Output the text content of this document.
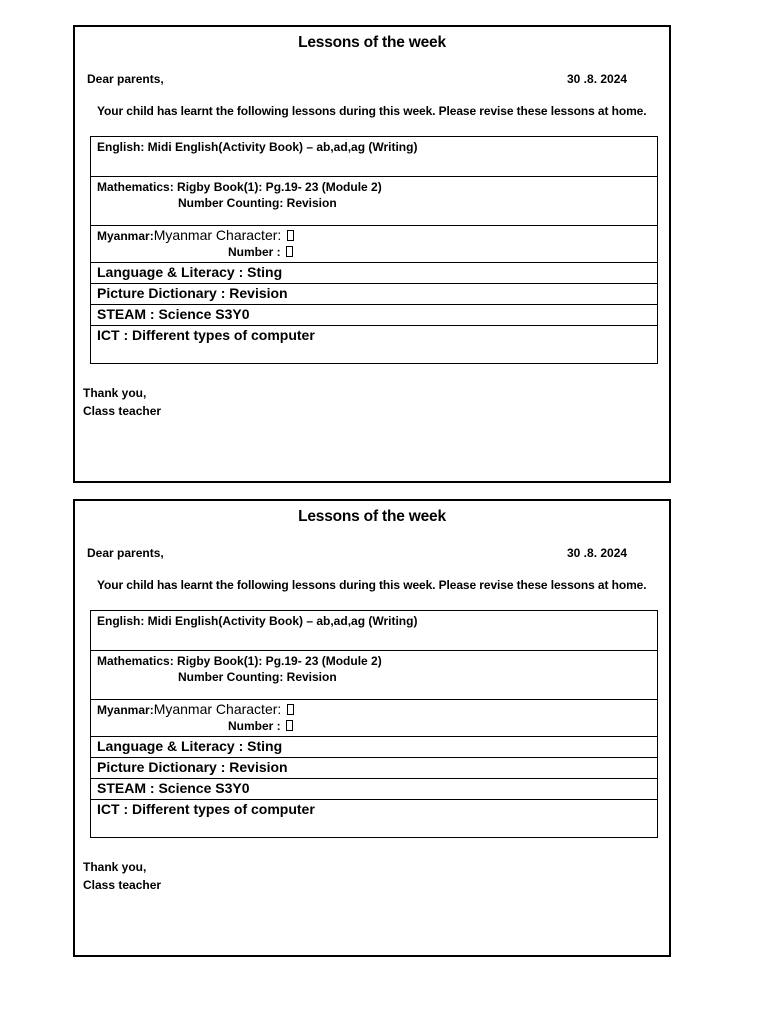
Lessons of the week
Dear parents,	30 .8. 2024
Your child has learnt the following lessons during this week. Please revise these lessons at home.
English: Midi English(Activity Book) – ab,ad,ag (Writing)

Mathematics: Rigby Book(1): Pg.19- 23 (Module 2)
Number Counting: Revision

Myanmar:Myanmar Character:
Number :

Language & Literacy : Sting
Picture Dictionary : Revision
STEAM : Science S3Y0
ICT : Different types of computer
Thank you,
Class teacher
Lessons of the week
Dear parents,	30 .8. 2024
Your child has learnt the following lessons during this week. Please revise these lessons at home.
English: Midi English(Activity Book) – ab,ad,ag (Writing)

Mathematics: Rigby Book(1): Pg.19- 23 (Module 2)
Number Counting: Revision

Myanmar:Myanmar Character:
Number :

Language & Literacy : Sting
Picture Dictionary : Revision
STEAM : Science S3Y0
ICT : Different types of computer
Thank you,
Class teacher
